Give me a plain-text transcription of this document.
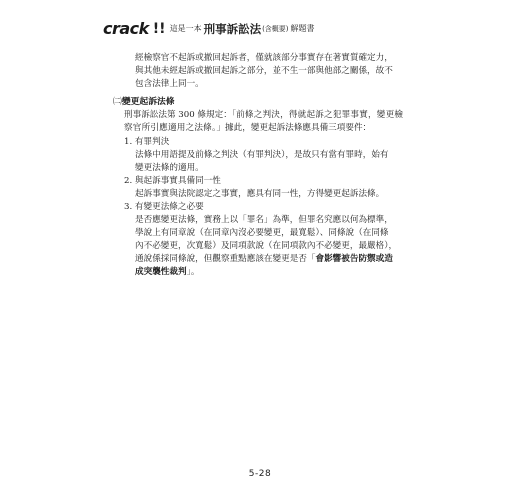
crack !! 這是一本 刑事訴訟法 (含概要) 解題書
經檢察官不起訴或撤回起訴者，僅就該部分事實存在著實質確定力，
與其他未經起訴或撤回起訴之部分，並不生一部與他部之關係，故不
包含法律上同一。
㈡變更起訴法條
刑事訴訟法第 300 條規定：「前條之判決，得就起訴之犯罪事實，變更檢
察官所引應適用之法條。」據此，變更起訴法條應具備三項要件：
1. 有罪判決
法條中用語提及前條之判決（有罪判決），是故只有當有罪時，始有
變更法條的適用。
2. 與起訴事實具備同一性
起訴事實與法院認定之事實，應具有同一性，方得變更起訴法條。
3. 有變更法條之必要
是否應變更法條，實務上以「罪名」為準，但罪名究應以何為標準，
學說上有同章說（在同章內沒必要變更，最寬鬆）、同條說（在同條
內不必變更，次寬鬆）及同項款說（在同項款內不必變更，最嚴格），
通說係採同條說，但觀察重點應該在變更是否「會影響被告防禦或造
成突襲性裁判」。
5-28
